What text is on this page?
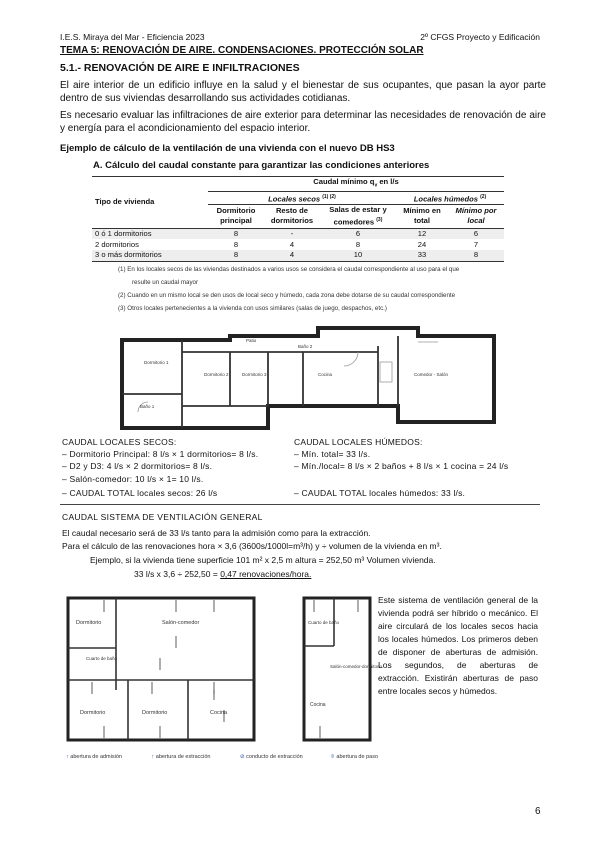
I.E.S. Miraya del Mar - Eficiencia 2023	2º CFGS Proyecto y Edificación
TEMA 5: RENOVACIÓN DE AIRE. CONDENSACIONES. PROTECCIÓN SOLAR
5.1.- RENOVACIÓN DE AIRE E INFILTRACIONES
El aire interior de un edificio influye en la salud y el bienestar de sus ocupantes, que pasan la ayor parte dentro de sus viviendas desarrollando sus actividades cotidianas.
Es necesario evaluar las infiltraciones de aire exterior para determinar las necesidades de renovación de aire y energía para el acondicionamiento del espacio interior.
Ejemplo de cálculo de la ventilación de una vivienda con el nuevo DB HS3
A. Cálculo del caudal constante para garantizar las condiciones anteriores
Tipo de vivienda	Caudal mínimo $q_v$ en l/s				
	Locales secos $^{(1) (2)}$			Locales húmedos $^{(2)}$
	Dormitorio principal	Resto de dormitorios	Salas de estar y comedores $^{(3)}$	Mínimo en total	Mínimo por local
0 ó 1 dormitorios	8	-	6	12	6
2 dormitorios	8	4	8	24	7
3 o más dormitorios	8	4	10	33	8
(1) En los locales secos de las viviendas destinados a varios usos se considera el caudal correspondiente al uso para el que
resulte un caudal mayor
(2) Cuando en un mismo local se den usos de local seco y húmedo, cada zona debe dotarse de su caudal correspondiente
(3) Otros locales pertenecientes a la vivienda con usos similares (salas de juego, despachos, etc.)
Patio
Dormitorio 1
Dormitorio 2	Dormitorio 3	Cocina	Comedor - Salón
Baño 1
Baño 2
CAUDAL LOCALES SECOS:
– Dormitorio Principal: 8 l/s × 1 dormitorios= 8 l/s.
– D2 y D3: 4 l/s × 2 dormitorios= 8 l/s.
– Salón-comedor: 10 l/s × 1= 10 l/s.
– CAUDAL TOTAL locales secos: 26 l/s
CAUDAL LOCALES HÚMEDOS:
– Mín. total= 33 l/s.
– Mín./local= 8 l/s × 2 baños + 8 l/s × 1 cocina = 24 l/s
– CAUDAL TOTAL locales húmedos: 33 l/s.
CAUDAL SISTEMA DE VENTILACIÓN GENERAL
El caudal necesario será de 33 l/s tanto para la admisión como para la extracción.
Para el cálculo de las renovaciones hora × 3,6 (3600s/1000l=m³/h) y ÷ volumen de la vivienda en m³.
Ejemplo, si la vivienda tiene superficie 101 m² x 2,5 m altura = 252,50 m³ Volumen vivienda.
33 l/s x 3,6 ÷ 252,50 = 0,47 renovaciones/hora.
Dormitorio	Salón-comedor
Cuarto de baño
Dormitorio	Dormitorio	Cocina
Cuarto de baño
Salón-comedor-dormitorio
Cocina
↑ abertura de admisión	↑ abertura de extracción	⊘ conducto de extracción	⇳ abertura de paso
Este sistema de ventilación general de la vivienda podrá ser híbrido o mecánico. El aire circulará de los locales secos hacia los locales húmedos. Los primeros deben de disponer de aberturas de admisión. Los segundos, de aberturas de extracción. Existirán aberturas de paso entre locales secos y húmedos.
6
